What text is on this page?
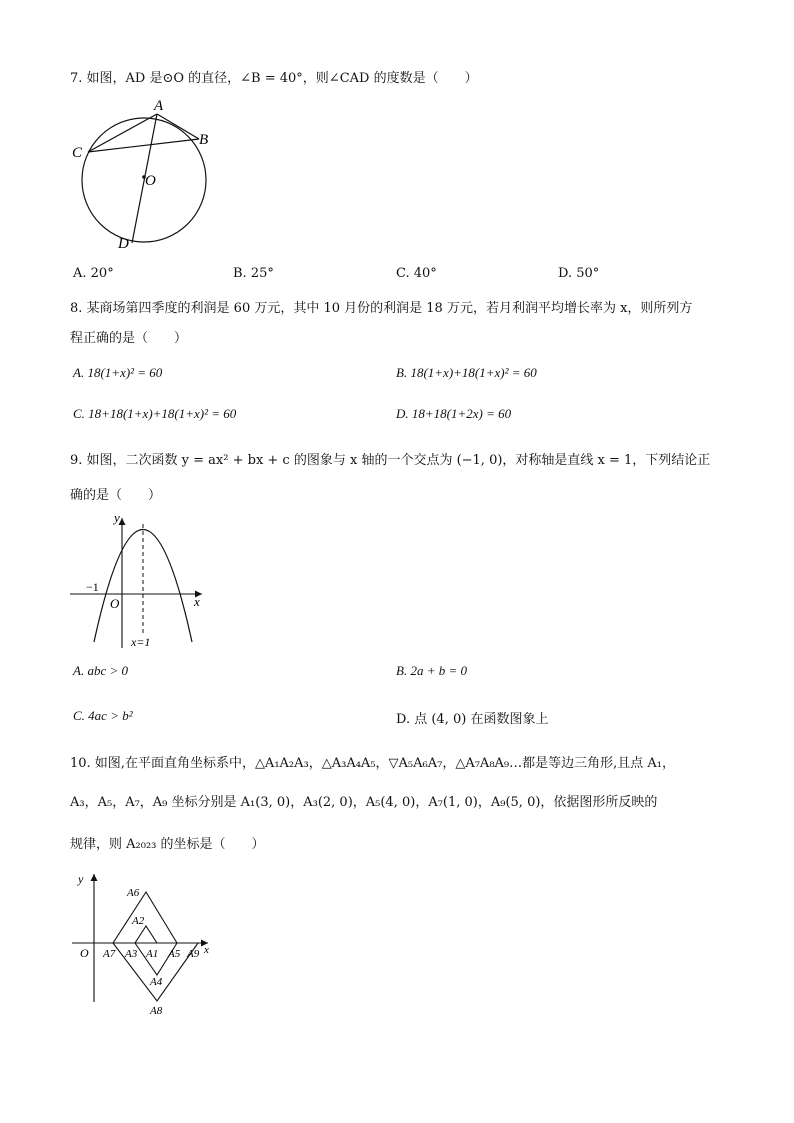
7. 如图，AD 是⊙O 的直径，∠B = 40°，则∠CAD 的度数是（　　）
A
B
C
O
D
A. 20°	B. 25°	C. 40°	D. 50°
8. 某商场第四季度的利润是 60 万元，其中 10 月份的利润是 18 万元，若月利润平均增长率为 x，则所列方
程正确的是（　　）
A. 18(1+x)² = 60	B. 18(1+x)+18(1+x)² = 60
C. 18+18(1+x)+18(1+x)² = 60	D. 18+18(1+2x) = 60
9. 如图，二次函数 y = ax² + bx + c 的图象与 x 轴的一个交点为 (−1, 0)，对称轴是直线 x = 1，下列结论正
确的是（　　）
y
x
O
−1
x=1
A. abc > 0	B. 2a + b = 0
C. 4ac > b²	D. 点 (4, 0) 在函数图象上
10. 如图,在平面直角坐标系中，△A₁A₂A₃，△A₃A₄A₅，▽A₅A₆A₇，△A₇A₈A₉…都是等边三角形,且点 A₁，
A₃，A₅，A₇，A₉ 坐标分别是 A₁(3, 0)，A₃(2, 0)，A₅(4, 0)，A₇(1, 0)，A₉(5, 0)，依据图形所反映的
规律，则 A₂₀₂₃ 的坐标是（　　）
y
x
O
A6
A2
A7 A3 A1 A5 A9
A4
A8
